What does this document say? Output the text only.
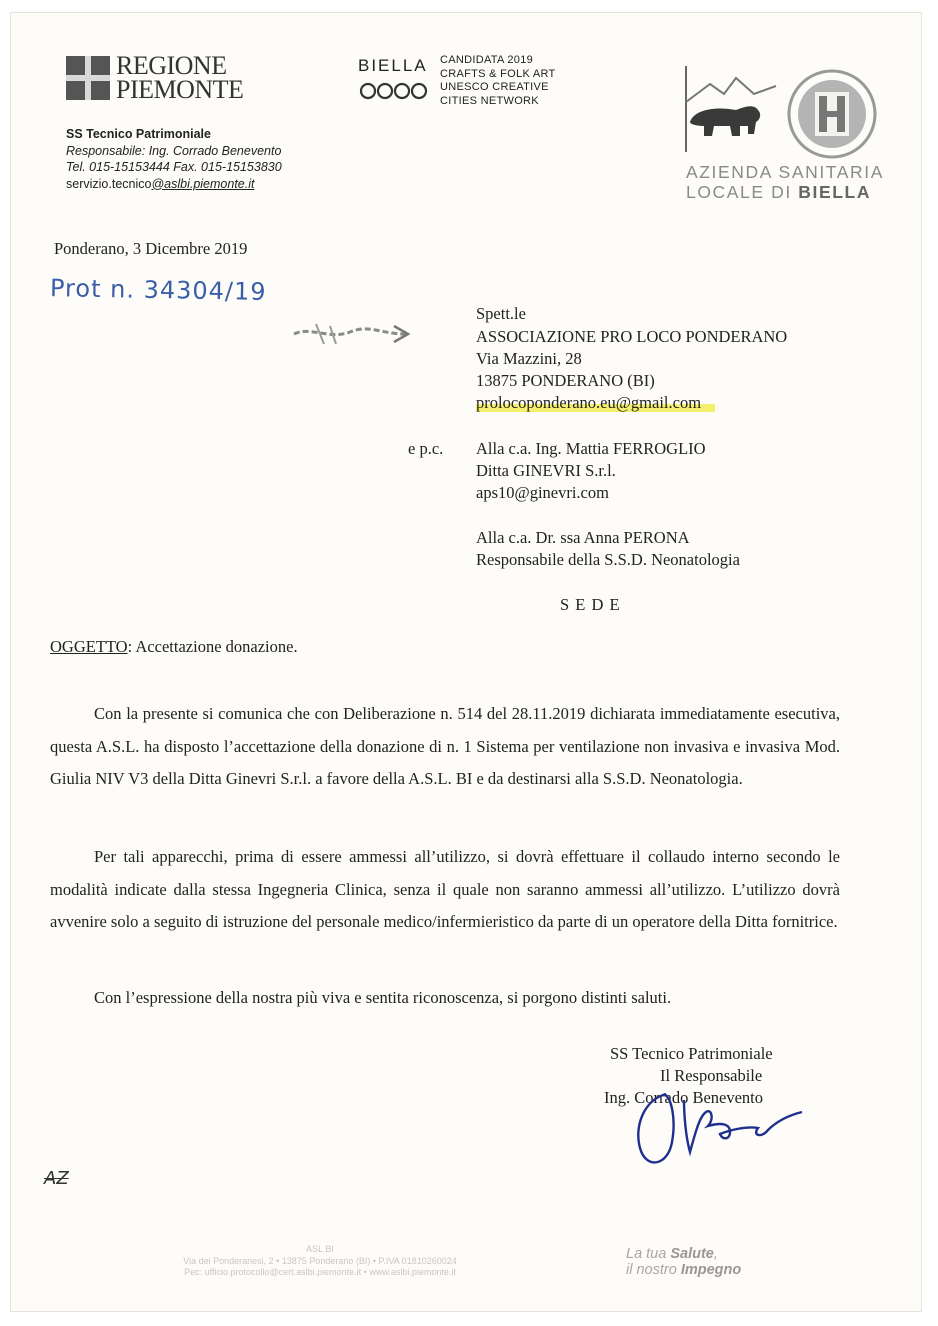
REGIONE
PIEMONTE
SS Tecnico Patrimoniale
Responsabile: Ing. Corrado Benevento
Tel. 015-15153444 Fax. 015-15153830
servizio.tecnico@aslbi.piemonte.it
BIELLA CANDIDATA 2019
CRAFTS & FOLK ART
UNESCO CREATIVE
CITIES NETWORK
AZIENDA SANITARIA
LOCALE DI BIELLA
Ponderano, 3 Dicembre 2019
Prot n. 34304/19
Spett.le
ASSOCIAZIONE PRO LOCO PONDERANO
Via Mazzini, 28
13875 PONDERANO (BI)
prolocoponderano.eu@gmail.com
e p.c. Alla c.a. Ing. Mattia FERROGLIO
Ditta GINEVRI S.r.l.
aps10@ginevri.com
Alla c.a. Dr. ssa Anna PERONA
Responsabile della S.S.D. Neonatologia
S E D E
OGGETTO: Accettazione donazione.
Con la presente si comunica che con Deliberazione n. 514 del 28.11.2019 dichiarata immediatamente esecutiva, questa A.S.L. ha disposto l’accettazione della donazione di n. 1 Sistema per ventilazione non invasiva e invasiva Mod. Giulia NIV V3 della Ditta Ginevri S.r.l. a favore della A.S.L. BI e da destinarsi alla S.S.D. Neonatologia.
Per tali apparecchi, prima di essere ammessi all’utilizzo, si dovrà effettuare il collaudo interno secondo le modalità indicate dalla stessa Ingegneria Clinica, senza il quale non saranno ammessi all’utilizzo. L’utilizzo dovrà avvenire solo a seguito di istruzione del personale medico/infermieristico da parte di un operatore della Ditta fornitrice.
Con l’espressione della nostra più viva e sentita riconoscenza, si porgono distinti saluti.
SS Tecnico Patrimoniale
Il Responsabile
Ing. Corrado Benevento
AZ
ASL BI
Via dei Ponderanesi, 2 • 13875 Ponderano (BI) • P.IVA 01810260024
Pec: ufficio.protocollo@cert.aslbi.piemonte.it • www.aslbi.piemonte.it
La tua Salute,
il nostro Impegno
